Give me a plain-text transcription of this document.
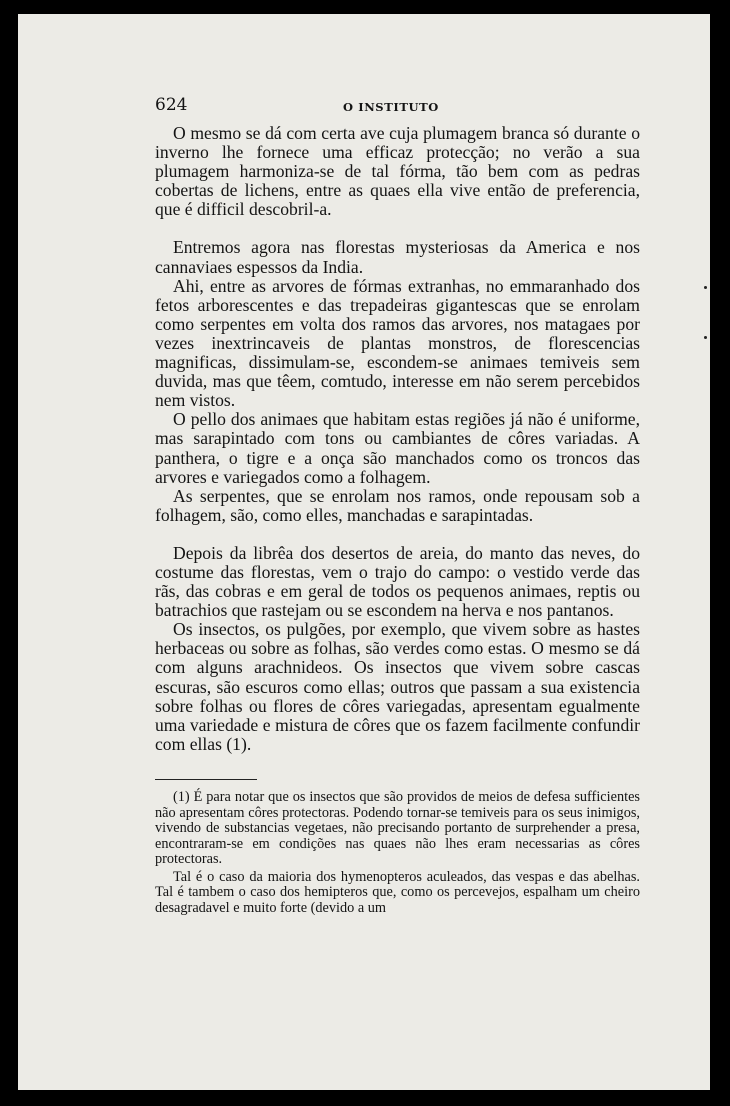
624	O INSTITUTO

O mesmo se dá com certa ave cuja plumagem branca só durante o inverno lhe fornece uma efficaz protecção; no verão a sua plumagem harmoniza-se de tal fórma, tão bem com as pedras cobertas de lichens, entre as quaes ella vive então de preferencia, que é difficil descobril-a.

Entremos agora nas florestas mysteriosas da America e nos cannaviaes espessos da India.

Ahi, entre as arvores de fórmas extranhas, no emmaranhado dos fetos arborescentes e das trepadeiras gigantescas que se enrolam como serpentes em volta dos ramos das arvores, nos matagaes por vezes inextrincaveis de plantas monstros, de florescencias magnificas, dissimulam-se, escondem-se animaes temiveis sem duvida, mas que têem, comtudo, interesse em não serem percebidos nem vistos.

O pello dos animaes que habitam estas regiões já não é uniforme, mas sarapintado com tons ou cambiantes de côres variadas. A panthera, o tigre e a onça são manchados como os troncos das arvores e variegados como a folhagem.

As serpentes, que se enrolam nos ramos, onde repousam sob a folhagem, são, como elles, manchadas e sarapintadas.

Depois da librêa dos desertos de areia, do manto das neves, do costume das florestas, vem o trajo do campo: o vestido verde das rãs, das cobras e em geral de todos os pequenos animaes, reptis ou batrachios que rastejam ou se escondem na herva e nos pantanos.

Os insectos, os pulgões, por exemplo, que vivem sobre as hastes herbaceas ou sobre as folhas, são verdes como estas. O mesmo se dá com alguns arachnideos. Os insectos que vivem sobre cascas escuras, são escuros como ellas; outros que passam a sua existencia sobre folhas ou flores de côres variegadas, apresentam egualmente uma variedade e mistura de côres que os fazem facilmente confundir com ellas (1).

(1) É para notar que os insectos que são providos de meios de defesa sufficientes não apresentam côres protectoras. Podendo tornar-se temiveis para os seus inimigos, vivendo de substancias vegetaes, não precisando portanto de surprehender a presa, encontraram-se em condições nas quaes não lhes eram necessarias as côres protectoras.

Tal é o caso da maioria dos hymenopteros aculeados, das vespas e das abelhas. Tal é tambem o caso dos hemipteros que, como os percevejos, espalham um cheiro desagradavel e muito forte (devido a um
